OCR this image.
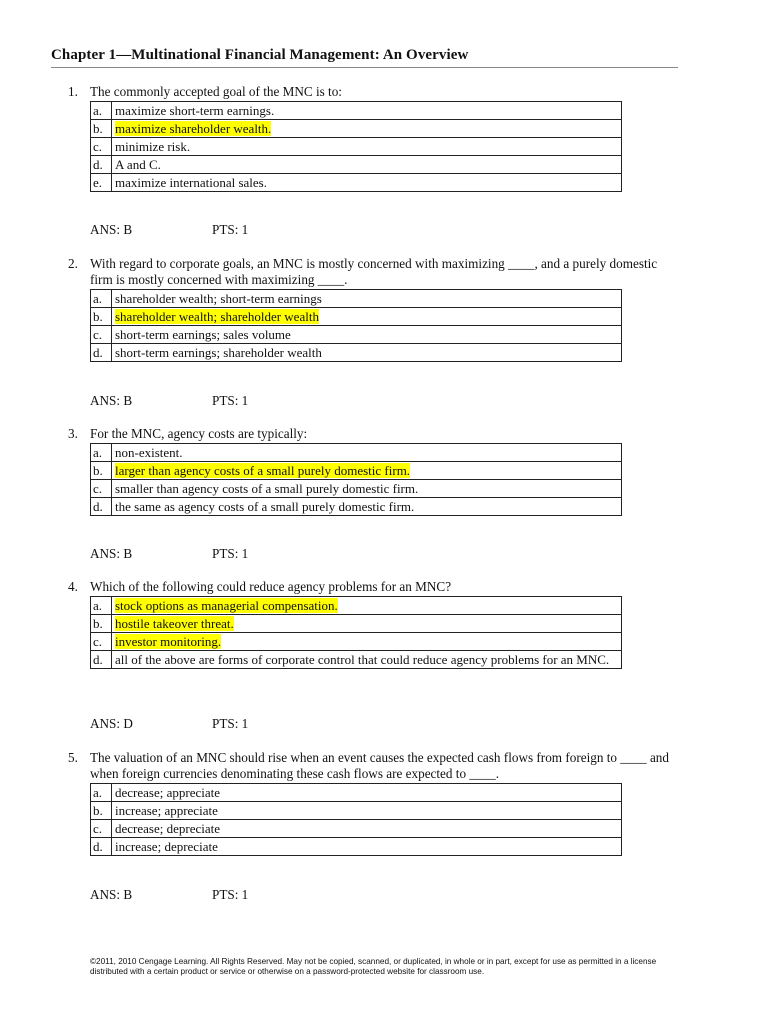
Chapter 1—Multinational Financial Management: An Overview
1. The commonly accepted goal of the MNC is to:
a.	maximize short-term earnings.
b.	maximize shareholder wealth.
c.	minimize risk.
d.	A and C.
e.	maximize international sales.
ANS: B	PTS: 1
2. With regard to corporate goals, an MNC is mostly concerned with maximizing ____, and a purely domestic firm is mostly concerned with maximizing ____.
a.	shareholder wealth; short-term earnings
b.	shareholder wealth; shareholder wealth
c.	short-term earnings; sales volume
d.	short-term earnings; shareholder wealth
ANS: B	PTS: 1
3. For the MNC, agency costs are typically:
a.	non-existent.
b.	larger than agency costs of a small purely domestic firm.
c.	smaller than agency costs of a small purely domestic firm.
d.	the same as agency costs of a small purely domestic firm.
ANS: B	PTS: 1
4. Which of the following could reduce agency problems for an MNC?
a.	stock options as managerial compensation.
b.	hostile takeover threat.
c.	investor monitoring.
d.	all of the above are forms of corporate control that could reduce agency problems for an MNC.
ANS: D	PTS: 1
5. The valuation of an MNC should rise when an event causes the expected cash flows from foreign to ____ and when foreign currencies denominating these cash flows are expected to ____.
a.	decrease; appreciate
b.	increase; appreciate
c.	decrease; depreciate
d.	increase; depreciate
ANS: B	PTS: 1
©2011, 2010 Cengage Learning. All Rights Reserved. May not be copied, scanned, or duplicated, in whole or in part, except for use as permitted in a license distributed with a certain product or service or otherwise on a password-protected website for classroom use.
